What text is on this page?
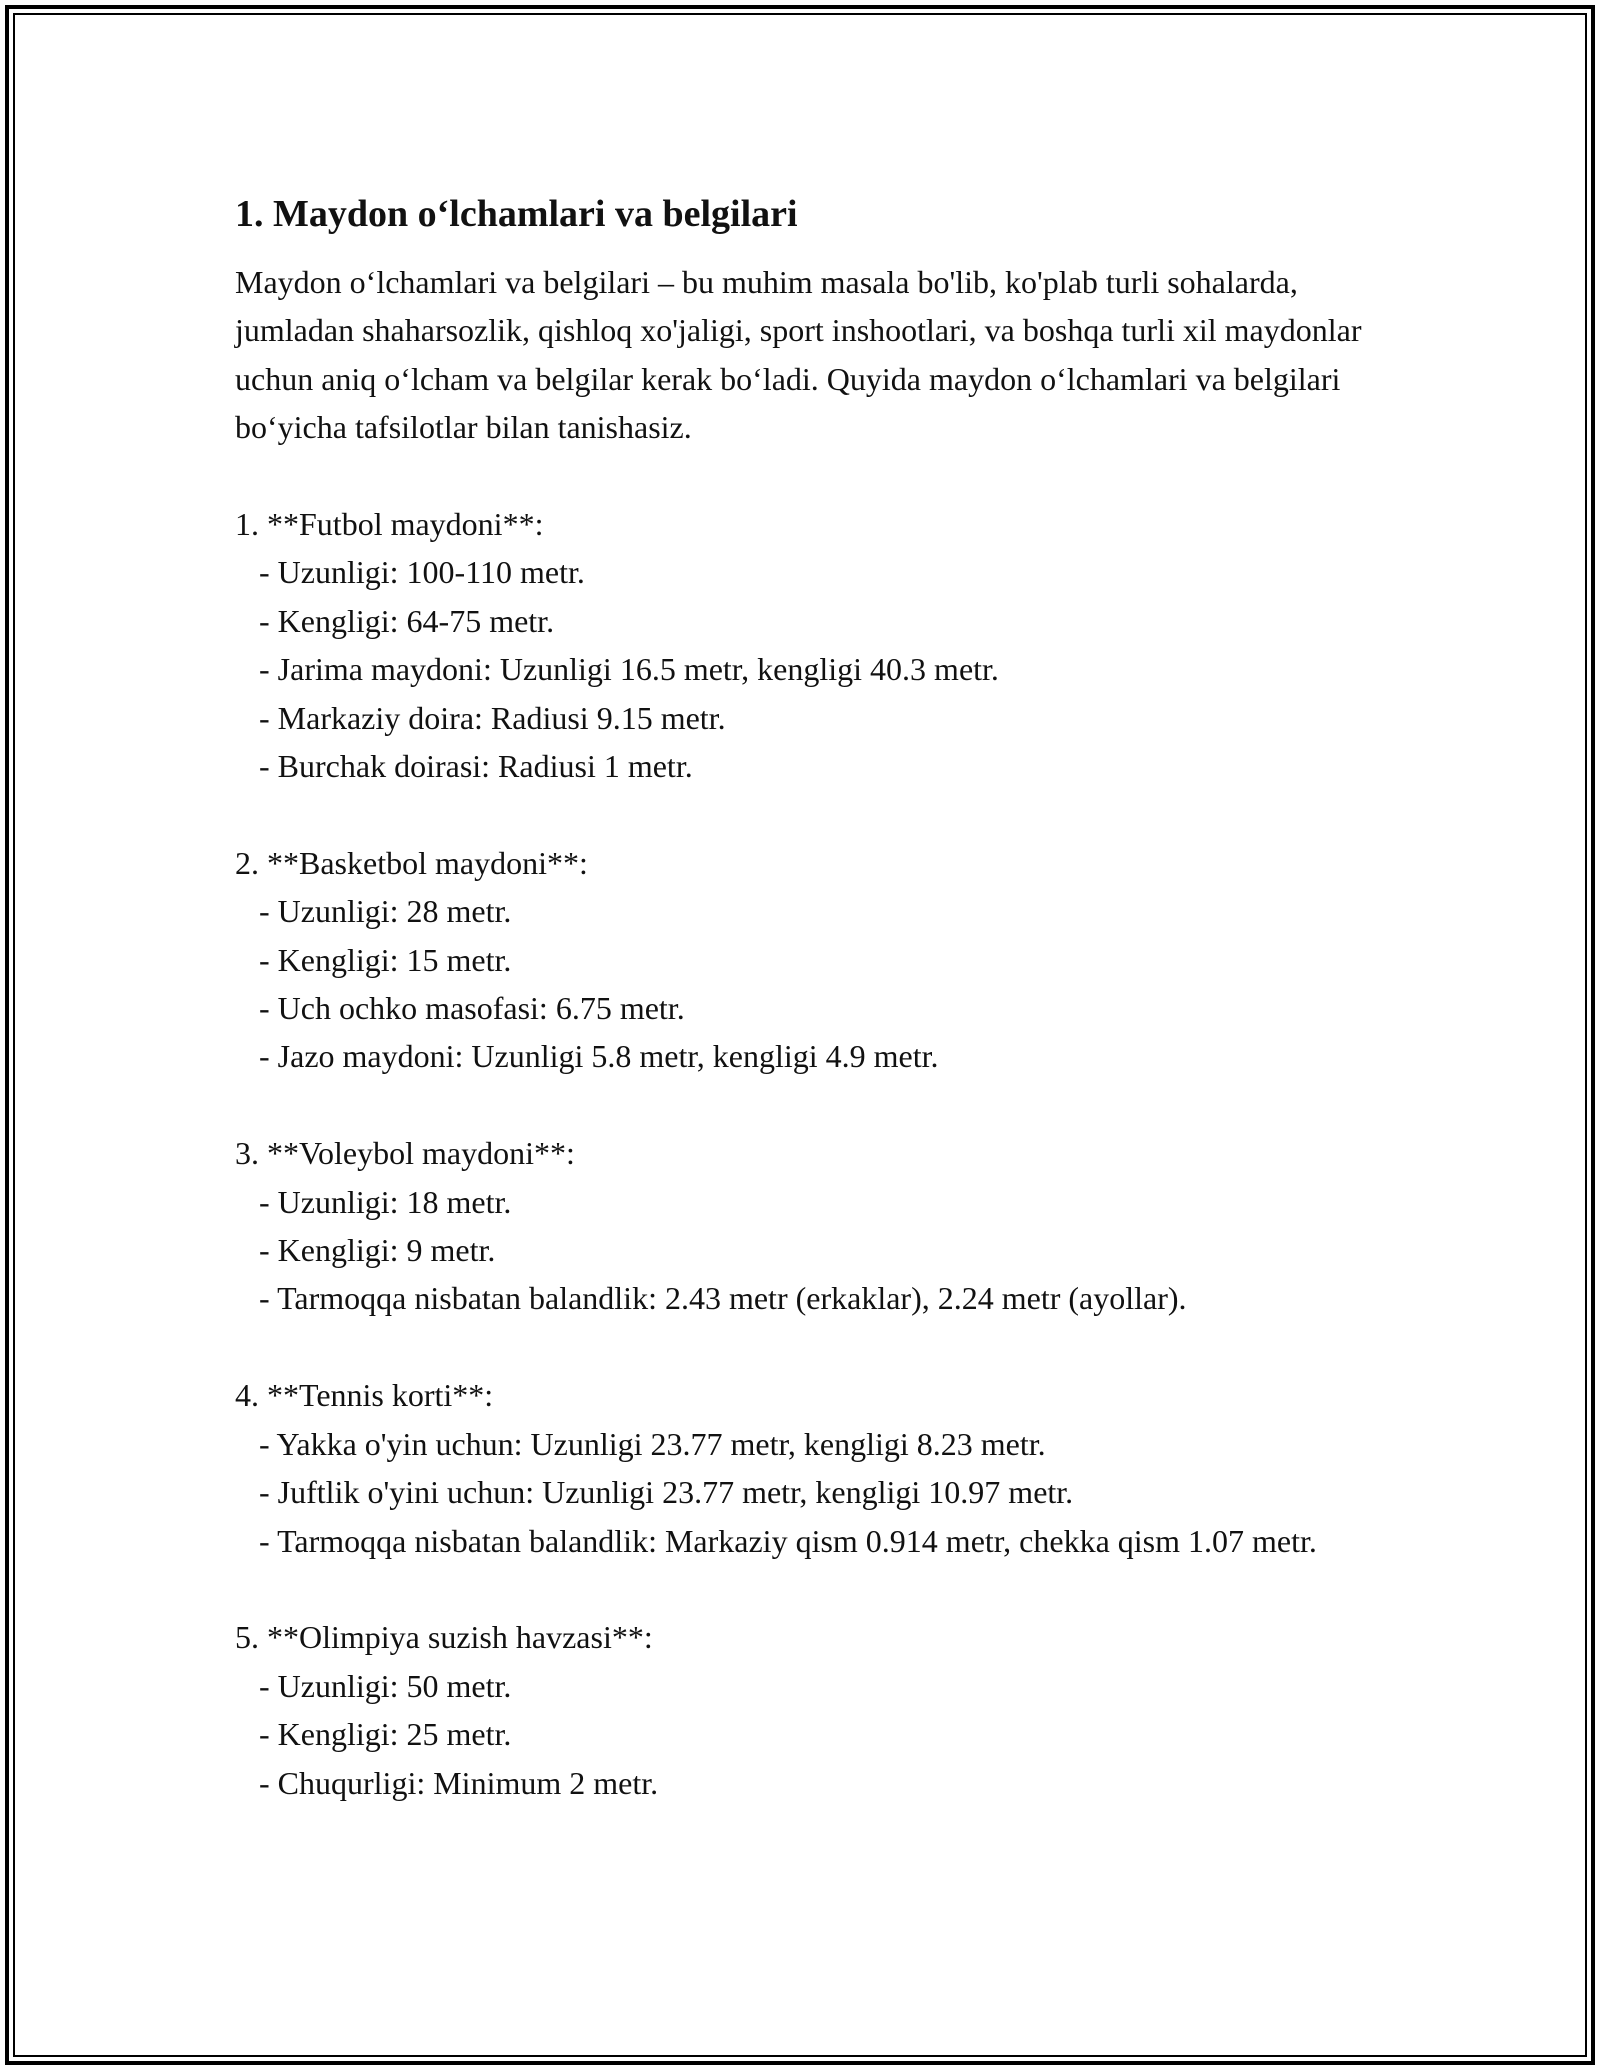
1. Maydon o‘lchamlari va belgilari

Maydon o‘lchamlari va belgilari – bu muhim masala bo'lib, ko'plab turli sohalarda, jumladan shaharsozlik, qishloq xo'jaligi, sport inshootlari, va boshqa turli xil maydonlar uchun aniq o‘lcham va belgilar kerak bo‘ladi. Quyida maydon o‘lchamlari va belgilari bo‘yicha tafsilotlar bilan tanishasiz.

1. **Futbol maydoni**:
- Uzunligi: 100-110 metr.
- Kengligi: 64-75 metr.
- Jarima maydoni: Uzunligi 16.5 metr, kengligi 40.3 metr.
- Markaziy doira: Radiusi 9.15 metr.
- Burchak doirasi: Radiusi 1 metr.
2. **Basketbol maydoni**:
- Uzunligi: 28 metr.
- Kengligi: 15 metr.
- Uch ochko masofasi: 6.75 metr.
- Jazo maydoni: Uzunligi 5.8 metr, kengligi 4.9 metr.
3. **Voleybol maydoni**:
- Uzunligi: 18 metr.
- Kengligi: 9 metr.
- Tarmoqqa nisbatan balandlik: 2.43 metr (erkaklar), 2.24 metr (ayollar).
4. **Tennis korti**:
- Yakka o'yin uchun: Uzunligi 23.77 metr, kengligi 8.23 metr.
- Juftlik o'yini uchun: Uzunligi 23.77 metr, kengligi 10.97 metr.
- Tarmoqqa nisbatan balandlik: Markaziy qism 0.914 metr, chekka qism 1.07 metr.
5. **Olimpiya suzish havzasi**:
- Uzunligi: 50 metr.
- Kengligi: 25 metr.
- Chuqurligi: Minimum 2 metr.
